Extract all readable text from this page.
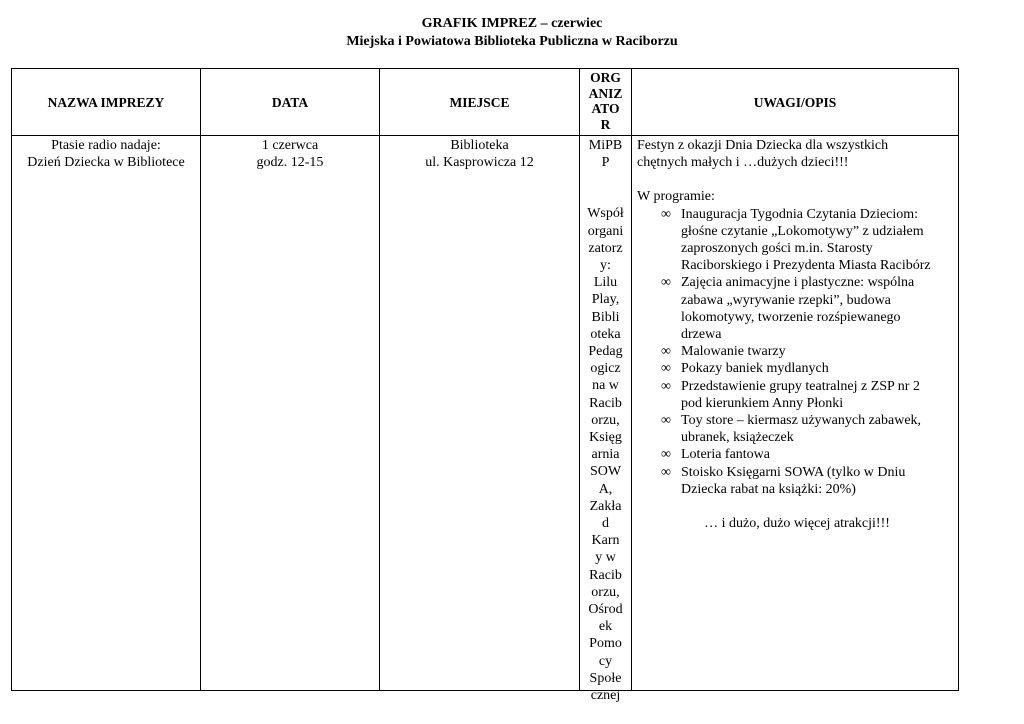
GRAFIK IMPREZ – czerwiec
Miejska i Powiatowa Biblioteka Publiczna w Raciborzu
NAZWA IMPREZY	DATA	MIEJSCE
ORG
ANIZ
ATO
R
UWAGI/OPIS
Ptasie radio nadaje:
Dzień Dziecka w Bibliotece
1 czerwca
godz. 12-15
Biblioteka
ul. Kasprowicza 12
MiPB
P
Współ
organi
zatorz
y:
Lilu
Play,
Bibli
oteka
Pedag
ogicz
na w
Racib
orzu,
Księg
arnia
SOW
A,
Zakła
d
Karn
y w
Racib
orzu,
Ośrod
ek
Pomo
cy
Społe
cznej

Festyn z okazji Dnia Dziecka dla wszystkich

chętnych małych i …dużych dzieci!!!

W programie:

∞ Inauguracja Tygodnia Czytania Dzieciom:
głośne czytanie „Lokomotywy” z udziałem
zaproszonych gości m.in. Starosty
Raciborskiego i Prezydenta Miasta Racibórz
∞ Zajęcia animacyjne i plastyczne: wspólna
zabawa „wyrywanie rzepki”, budowa
lokomotywy, tworzenie rozśpiewanego
drzewa
∞ Malowanie twarzy
∞ Pokazy baniek mydlanych
∞ Przedstawienie grupy teatralnej z ZSP nr 2
pod kierunkiem Anny Płonki
∞ Toy store – kiermasz używanych zabawek,
ubranek, książeczek
∞ Loteria fantowa
∞ Stoisko Księgarni SOWA (tylko w Dniu
Dziecka rabat na książki: 20%)

… i dużo, dużo więcej atrakcji!!!
